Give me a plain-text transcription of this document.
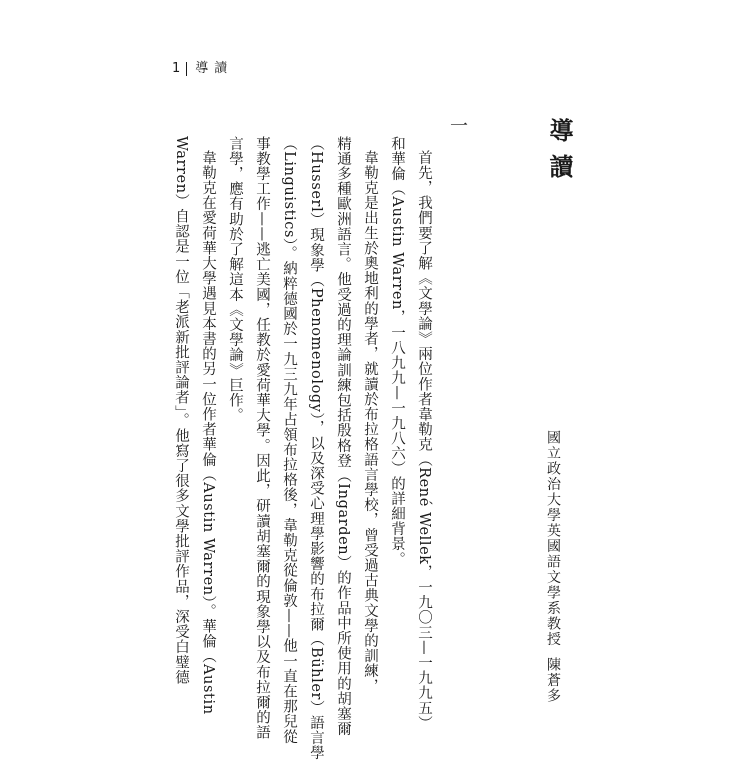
1 導讀
導讀
國立政治大學英國語文學系教授陳蒼多
一
首先，我們要了解《文學論》兩位作者韋勒克（René Wellek，一九〇三—一九九五）
和華倫（Austin Warren，一八九九—一九八六）的詳細背景。
韋勒克是出生於奧地利的學者，就讀於布拉格語言學校，曾受過古典文學的訓練，
精通多種歐洲語言。他受過的理論訓練包括殷格登（Ingarden）的作品中所使用的胡塞爾
（Husserl）現象學（Phenomenology），以及深受心理學影響的布拉爾（Bühler）語言學
（Linguistics）。納粹德國於一九三九年占領布拉格後，韋勒克從倫敦——他一直在那兒從
事教學工作——逃亡美國，任教於愛荷華大學。因此，研讀胡塞爾的現象學以及布拉爾的語
言學，應有助於了解這本《文學論》巨作。
韋勒克在愛荷華大學遇見本書的另一位作者華倫（Austin Warren）。華倫（Austin
Warren）自認是一位「老派新批評論者」。他寫了很多文學批評作品，深受白璧德
